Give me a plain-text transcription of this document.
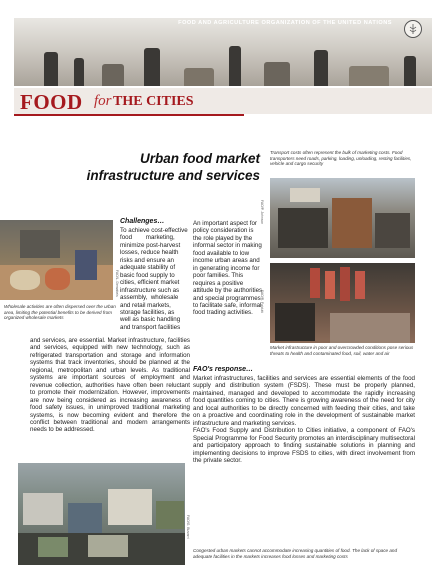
FOOD AND AGRICULTURE ORGANIZATION OF THE UNITED NATIONS
FOOD for THE CITIES
Urban food market
infrastructure and services
Transport costs often represent the bulk of marketing costs. Food transporters need roads, parking, loading, unloading, resting facilities, vehicle and cargo security
FAO/P. Johnson
FAO/L. Dematteis
Wholesale activities are often dispersed over the urban area, limiting the potential benefits to be derived from organized wholesale markets
Challenges…
To achieve cost-effective
food        marketing,
minimize post-harvest
losses, reduce health
risks and ensure an
adequate stability of
basic food supply to
cities, efficient market
infrastructure such as
assembly,  wholesale
and retail markets,
storage facilities, as
well as basic handling
and transport facilities
An important aspect for policy consideration is the role played by the informal sector in making food available to low income urban areas and in generating income for poor families. This requires a positive attitude by the authorities and special programmes to facilitate safe, informal food trading activities.	FAO/R. Faidutti
Market infrastructure in poor and overcrowded conditions pose serious threats to health and contaminated food, soil, water and air
and services, are essential. Market infrastructure, facilities and services, equipped with new technology, such as refrigerated transportation and storage and information systems that track inventories, should be planned at the regional, metropolitan and urban levels. As traditional systems are important sources of employment and revenue collection, authorities have often been reluctant to promote their modernization. However, improvements are now being considered as increasing awareness of food safety issues, in unimproved traditional marketing systems, is now becoming evident and therefore the conflict between traditional and modern arrangements needs to be addressed.
FAO's response…
Market infrastructures, facilities and services are essential elements of the food supply and distribution system (FSDS). These must be properly planned, maintained, managed and developed to accommodate the rapidly increasing food quantities coming to cities. There is growing awareness of the need for city and local authorities to be directly concerned with feeding their cities, and take on a proactive and coordinating role in the development of sustainable market infrastructure and marketing services.
FAO's Food Supply and Distribution to Cities initiative, a component of FAO's Special Programme for Food Security promotes an interdisciplinary multisectoral and participatory approach to finding sustainable solutions in planning and implementing decisions to improve FSDS to cities, with direct involvement from the private sector.
FAO/G. Bizzarri
Congested urban markets cannot accommodate increasing quantities of food. The lack of space and adequate facilities in the markets increases food losses and marketing costs
